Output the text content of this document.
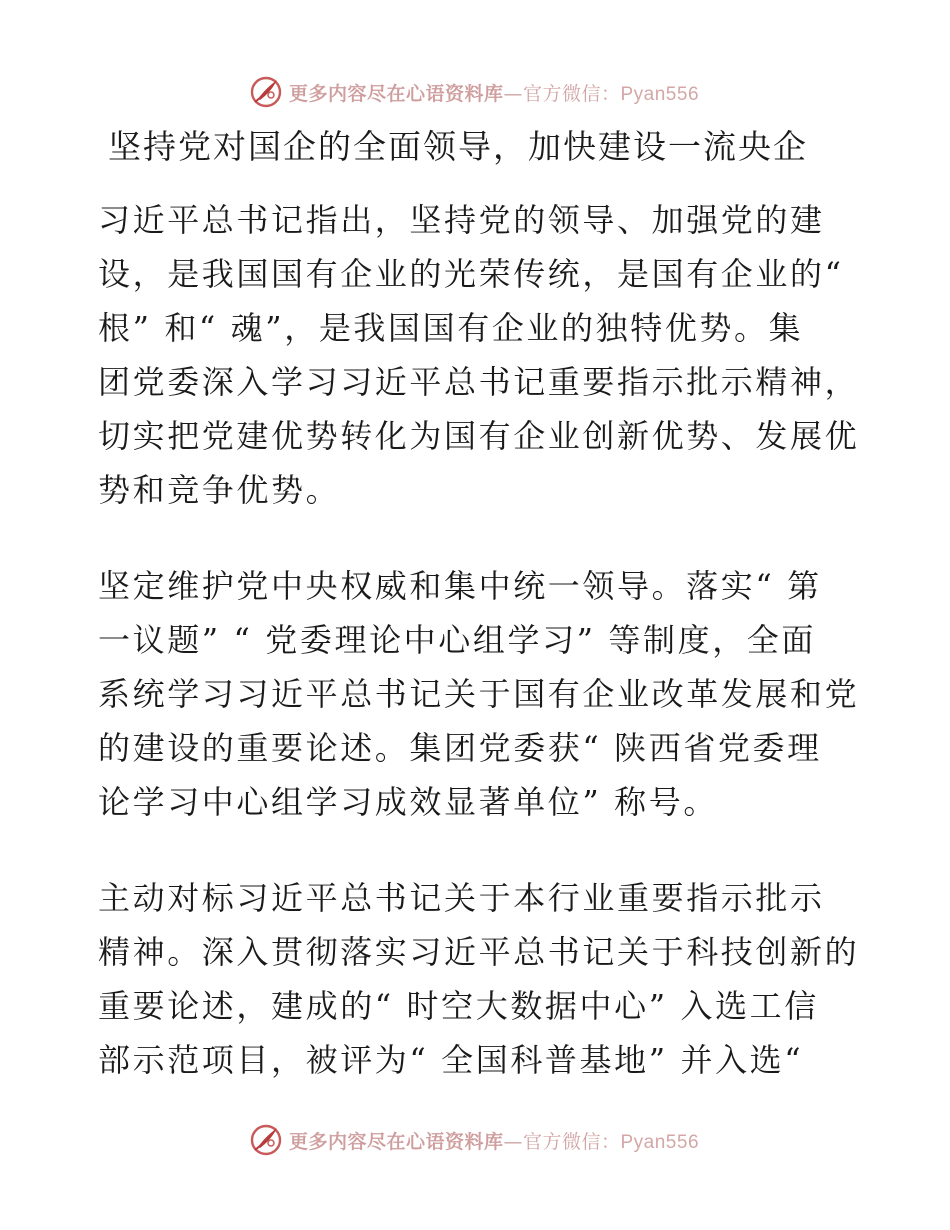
更多内容尽在心语资料库—官方微信：Pyan556
坚持党对国企的全面领导，加快建设一流央企
习近平总书记指出，坚持党的领导、加强党的建
设，是我国国有企业的光荣传统，是国有企业的“
根” 和“ 魂”，是我国国有企业的独特优势。集
团党委深入学习习近平总书记重要指示批示精神，
切实把党建优势转化为国有企业创新优势、发展优
势和竞争优势。
坚定维护党中央权威和集中统一领导。落实“ 第
一议题” “ 党委理论中心组学习” 等制度，全面
系统学习习近平总书记关于国有企业改革发展和党
的建设的重要论述。集团党委获“ 陕西省党委理
论学习中心组学习成效显著单位” 称号。
主动对标习近平总书记关于本行业重要指示批示
精神。深入贯彻落实习近平总书记关于科技创新的
重要论述，建成的“ 时空大数据中心” 入选工信
部示范项目，被评为“ 全国科普基地” 并入选“
更多内容尽在心语资料库—官方微信：Pyan556
